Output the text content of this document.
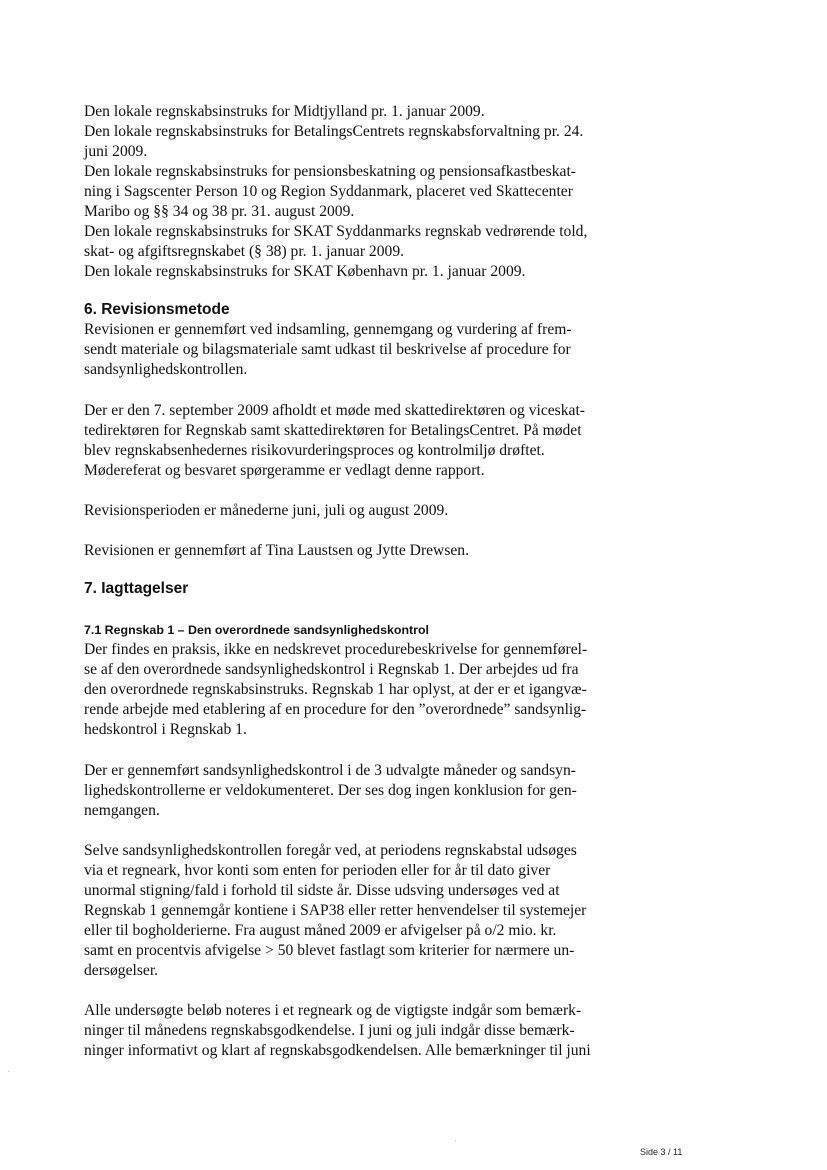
Den lokale regnskabsinstruks for Midtjylland pr. 1. januar 2009.
Den lokale regnskabsinstruks for BetalingsCentrets regnskabsforvaltning pr. 24.
juni 2009.
Den lokale regnskabsinstruks for pensionsbeskatning og pensionsafkastbeskat-
ning i Sagscenter Person 10 og Region Syddanmark, placeret ved Skattecenter
Maribo og §§ 34 og 38 pr. 31. august 2009.
Den lokale regnskabsinstruks for SKAT Syddanmarks regnskab vedrørende told,
skat- og afgiftsregnskabet (§ 38) pr. 1. januar 2009.
Den lokale regnskabsinstruks for SKAT København pr. 1. januar 2009.
6. Revisionsmetode
Revisionen er gennemført ved indsamling, gennemgang og vurdering af frem-
sendt materiale og bilagsmateriale samt udkast til beskrivelse af procedure for
sandsynlighedskontrollen.
Der er den 7. september 2009 afholdt et møde med skattedirektøren og viceskat-
tedirektøren for Regnskab samt skattedirektøren for BetalingsCentret. På mødet
blev regnskabsenhedernes risikovurderingsproces og kontrolmiljø drøftet.
Mødereferat og besvaret spørgeramme er vedlagt denne rapport.
Revisionsperioden er månederne juni, juli og august 2009.
Revisionen er gennemført af Tina Laustsen og Jytte Drewsen.
7. Iagttagelser
7.1 Regnskab 1 – Den overordnede sandsynlighedskontrol
Der findes en praksis, ikke en nedskrevet procedurebeskrivelse for gennemførel-
se af den overordnede sandsynlighedskontrol i Regnskab 1. Der arbejdes ud fra
den overordnede regnskabsinstruks. Regnskab 1 har oplyst, at der er et igangvæ-
rende arbejde med etablering af en procedure for den ”overordnede” sandsynlig-
hedskontrol i Regnskab 1.
Der er gennemført sandsynlighedskontrol i de 3 udvalgte måneder og sandsyn-
lighedskontrollerne er veldokumenteret. Der ses dog ingen konklusion for gen-
nemgangen.
Selve sandsynlighedskontrollen foregår ved, at periodens regnskabstal udsøges
via et regneark, hvor konti som enten for perioden eller for år til dato giver
unormal stigning/fald i forhold til sidste år. Disse udsving undersøges ved at
Regnskab 1 gennemgår kontiene i SAP38 eller retter henvendelser til systemejer
eller til bogholderierne. Fra august måned 2009 er afvigelser på o/2 mio. kr.
samt en procentvis afvigelse > 50 blevet fastlagt som kriterier for nærmere un-
dersøgelser.
Alle undersøgte beløb noteres i et regneark og de vigtigste indgår som bemærk-
ninger til månedens regnskabsgodkendelse. I juni og juli indgår disse bemærk-
ninger informativt og klart af regnskabsgodkendelsen. Alle bemærkninger til juni
Side 3 / 11
